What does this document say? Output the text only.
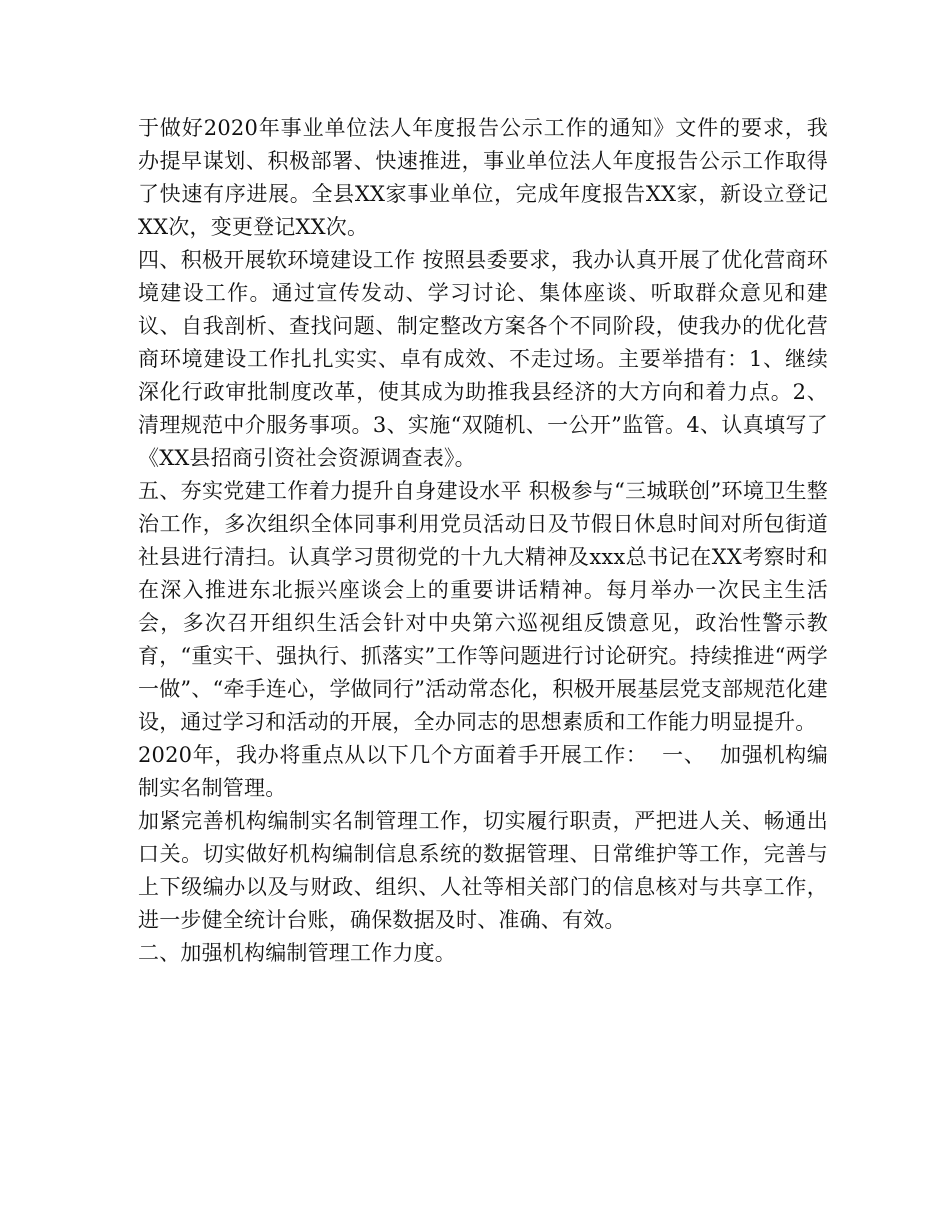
于做好2020年事业单位法人年度报告公示工作的通知》文件的要求，我办提早谋划、积极部署、快速推进，事业单位法人年度报告公示工作取得了快速有序进展。全县XX家事业单位，完成年度报告XX家，新设立登记XX次，变更登记XX次。

四、积极开展软环境建设工作 按照县委要求，我办认真开展了优化营商环境建设工作。通过宣传发动、学习讨论、集体座谈、听取群众意见和建议、自我剖析、查找问题、制定整改方案各个不同阶段，使我办的优化营商环境建设工作扎扎实实、卓有成效、不走过场。主要举措有：1、继续深化行政审批制度改革，使其成为助推我县经济的大方向和着力点。2、清理规范中介服务事项。3、实施“双随机、一公开”监管。4、认真填写了《XX县招商引资社会资源调查表》。

五、夯实党建工作着力提升自身建设水平 积极参与“三城联创”环境卫生整治工作，多次组织全体同事利用党员活动日及节假日休息时间对所包街道社县进行清扫。认真学习贯彻党的十九大精神及xxx总书记在XX考察时和在深入推进东北振兴座谈会上的重要讲话精神。每月举办一次民主生活会，多次召开组织生活会针对中央第六巡视组反馈意见，政治性警示教育，“重实干、强执行、抓落实”工作等问题进行讨论研究。持续推进“两学一做”、“牵手连心，学做同行”活动常态化，积极开展基层党支部规范化建设，通过学习和活动的开展，全办同志的思想素质和工作能力明显提升。

2020年，我办将重点从以下几个方面着手开展工作：  一、  加强机构编制实名制管理。

加紧完善机构编制实名制管理工作，切实履行职责，严把进人关、畅通出口关。切实做好机构编制信息系统的数据管理、日常维护等工作，完善与上下级编办以及与财政、组织、人社等相关部门的信息核对与共享工作，进一步健全统计台账，确保数据及时、准确、有效。

二、加强机构编制管理工作力度。
